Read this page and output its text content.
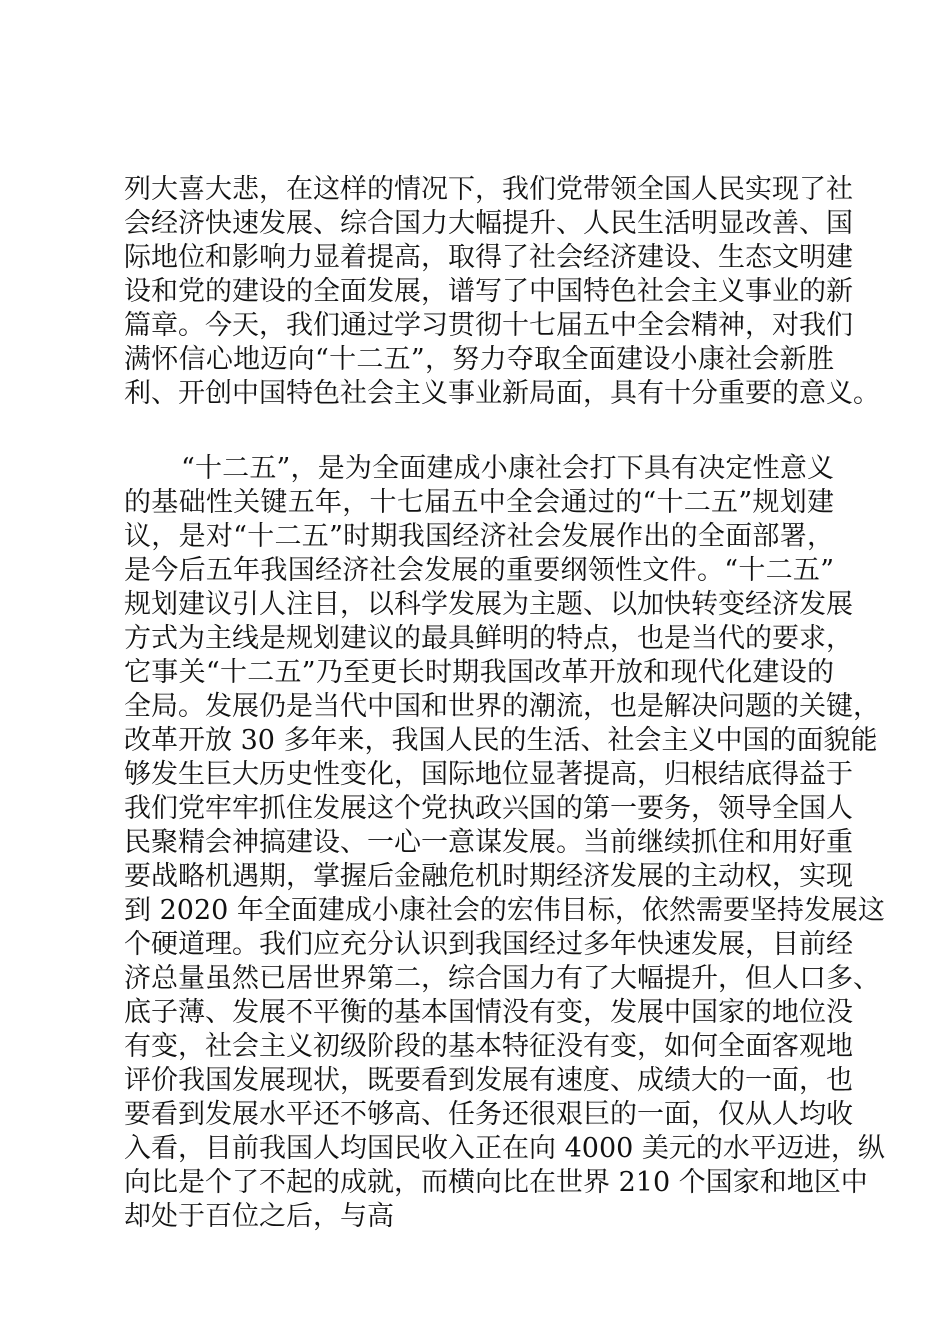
列大喜大悲，在这样的情况下，我们党带领全国人民实现了社
会经济快速发展、综合国力大幅提升、人民生活明显改善、国
际地位和影响力显着提高，取得了社会经济建设、生态文明建
设和党的建设的全面发展，谱写了中国特色社会主义事业的新
篇章。今天，我们通过学习贯彻十七届五中全会精神，对我们
满怀信心地迈向“十二五”，努力夺取全面建设小康社会新胜
利、开创中国特色社会主义事业新局面，具有十分重要的意义。
“十二五”，是为全面建成小康社会打下具有决定性意义
的基础性关键五年，十七届五中全会通过的“十二五”规划建
议，是对“十二五”时期我国经济社会发展作出的全面部署，
是今后五年我国经济社会发展的重要纲领性文件。“十二五”
规划建议引人注目，以科学发展为主题、以加快转变经济发展
方式为主线是规划建议的最具鲜明的特点，也是当代的要求，
它事关“十二五”乃至更长时期我国改革开放和现代化建设的
全局。发展仍是当代中国和世界的潮流，也是解决问题的关键，
改革开放 30 多年来，我国人民的生活、社会主义中国的面貌能
够发生巨大历史性变化，国际地位显著提高，归根结底得益于
我们党牢牢抓住发展这个党执政兴国的第一要务，领导全国人
民聚精会神搞建设、一心一意谋发展。当前继续抓住和用好重
要战略机遇期，掌握后金融危机时期经济发展的主动权，实现
到 2020 年全面建成小康社会的宏伟目标，依然需要坚持发展这
个硬道理。我们应充分认识到我国经过多年快速发展，目前经
济总量虽然已居世界第二，综合国力有了大幅提升，但人口多、
底子薄、发展不平衡的基本国情没有变，发展中国家的地位没
有变，社会主义初级阶段的基本特征没有变，如何全面客观地
评价我国发展现状，既要看到发展有速度、成绩大的一面，也
要看到发展水平还不够高、任务还很艰巨的一面，仅从人均收
入看，目前我国人均国民收入正在向 4000 美元的水平迈进，纵
向比是个了不起的成就，而横向比在世界 210 个国家和地区中
却处于百位之后，与高
